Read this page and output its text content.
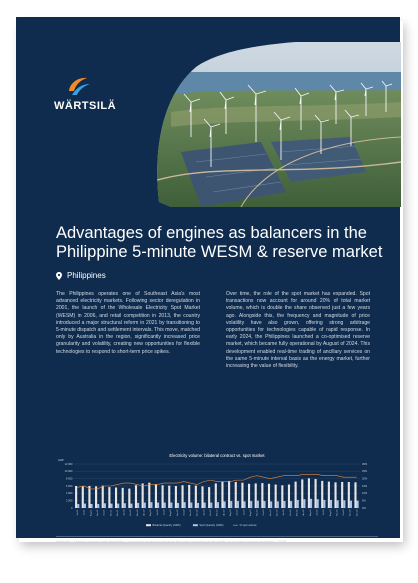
WÄRTSILÄ
Advantages of engines as balancers in the Philippine 5-minute WESM & reserve market
Philippines

The Philippines operates one of Southeast Asia's most advanced electricity markets. Following sector deregulation in 2001, the launch of the Wholesale Electricity Spot Market (WESM) in 2006, and retail competition in 2013, the country introduced a major structural reform in 2021 by transitioning to 5-minute dispatch and settlement intervals. This move, matched only by Australia in the region, significantly increased price granularity and volatility, creating new opportunities for flexible technologies to respond to short-term price spikes.

Over time, the role of the spot market has expanded. Spot transactions now account for around 20% of total market volume, which is double the share observed just a few years ago. Alongside this, the frequency and magnitude of price volatility have also grown, offering strong arbitrage opportunities for technologies capable of rapid response. In early 2024, the Philippines launched a co-optimised reserve market, which became fully operational by August of 2024. This development enabled real-time trading of ancillary services on the same 5-minute interval basis as the energy market, further increasing the value of flexibility.

Electricity volume: bilateral contract vs. spot market
GWh
0
2 000
4 000
6 000
8 000
10 000
12 000
0%
5%
10%
15%
20%
25%
30%
Jun-21 Jul-21	Aug-21 Sep-21	Oct-21 Nov-21 Dec-21 Jan-22 Feb-22 Mar-22	Apr-22 May-22 Jun-22 Jul-22	Aug-22 Sep-22	Oct-22 Nov-22 Dec-22 Jan-23 Feb-23 Mar-23	Apr-23 May-23 Jun-23 Jul-23	Aug-23 Sep-23	Oct-23 Nov-23 Dec-23 Jan-24 Feb-24 Mar-24	Apr-24 May-24 Jun-24 Jul-24	Aug-24 Sep-24	Oct-24 Nov-24 Dec-24
Bilateral Quantity (GWh)	Spot Quantity (GWh)	% spot volume
Wärtsilä | Making money with flexibility: Unlocking revenue streams through operational flexibility in modern energy markets | 2025
